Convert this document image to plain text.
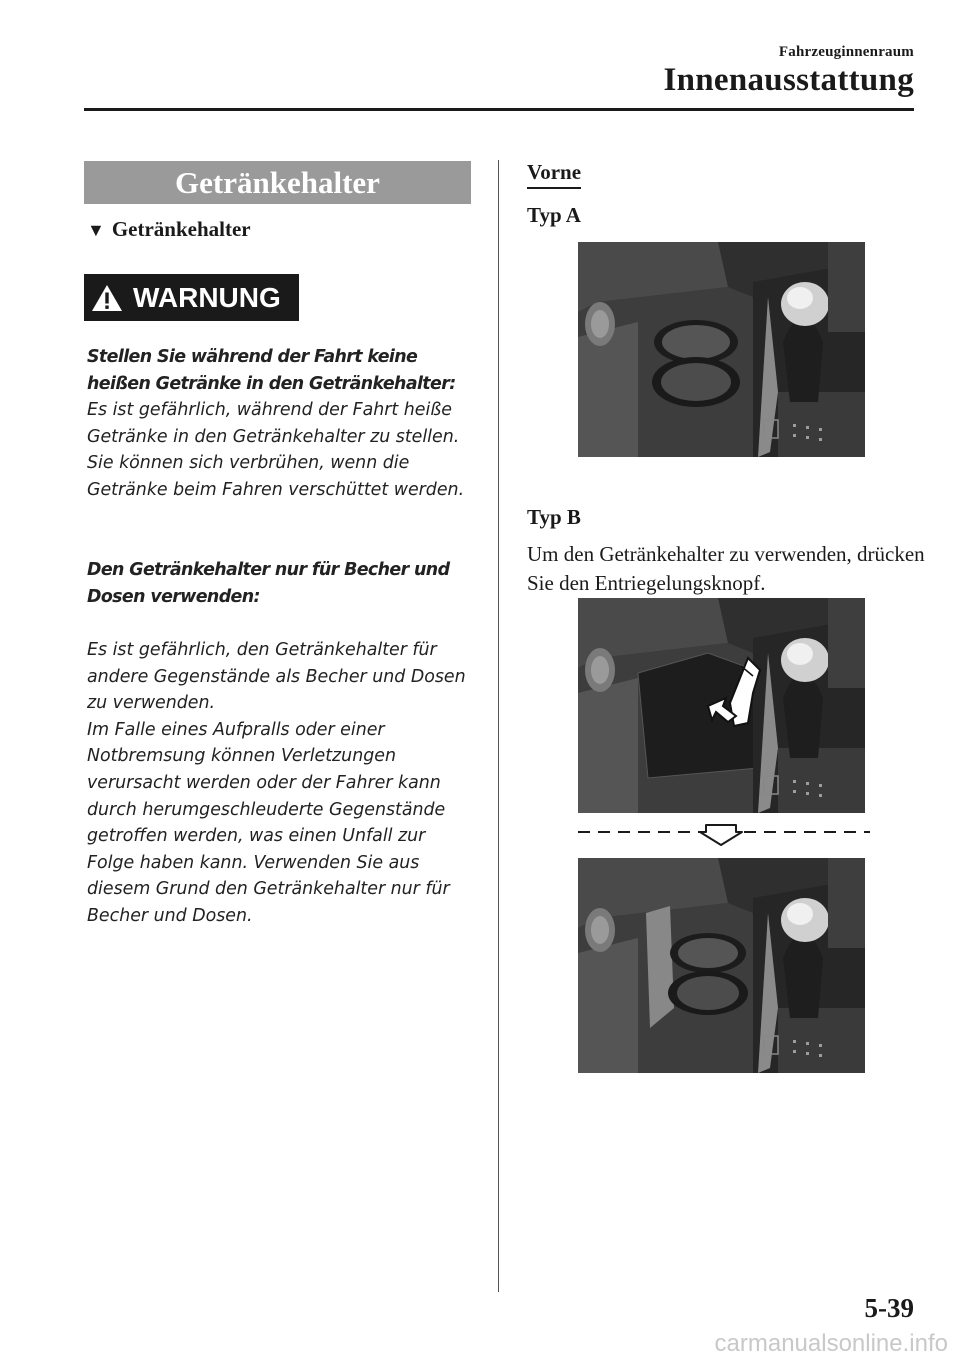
Fahrzeuginnenraum
Innenausstattung
Getränkehalter
▼ Getränkehalter
WARNUNG

Stellen Sie während der Fahrt keine heißen Getränke in den Getränkehalter:
Es ist gefährlich, während der Fahrt heiße Getränke in den Getränkehalter zu stellen. Sie können sich verbrühen, wenn die Getränke beim Fahren verschüttet werden.

Den Getränkehalter nur für Becher und Dosen verwenden:

Es ist gefährlich, den Getränkehalter für andere Gegenstände als Becher und Dosen zu verwenden.
Im Falle eines Aufpralls oder einer Notbremsung können Verletzungen verursacht werden oder der Fahrer kann durch herumgeschleuderte Gegenstände getroffen werden, was einen Unfall zur Folge haben kann. Verwenden Sie aus diesem Grund den Getränkehalter nur für Becher und Dosen.

Vorne
Typ A
Typ B
Um den Getränkehalter zu verwenden, drücken Sie den Entriegelungsknopf.
5-39
carmanualsonline.info
